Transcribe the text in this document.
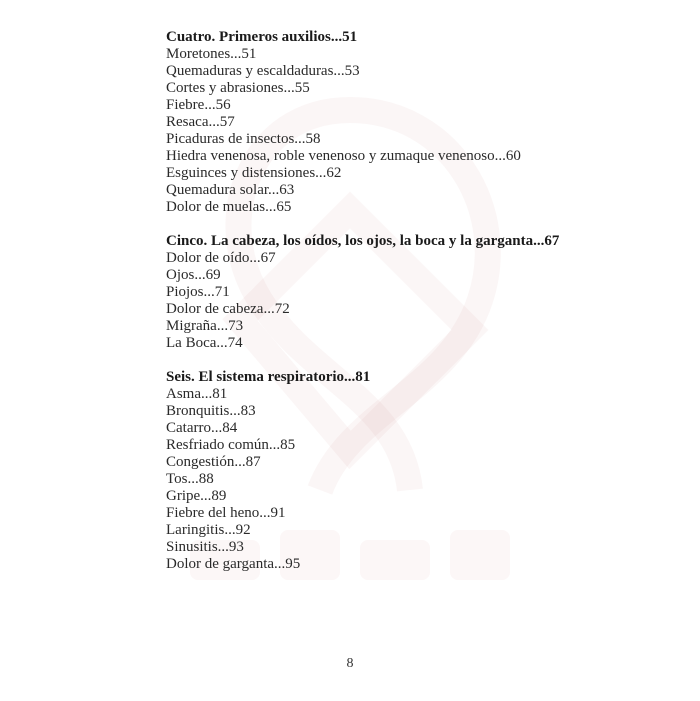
Cuatro. Primeros auxilios...51
Moretones...51
Quemaduras y escaldaduras...53
Cortes y abrasiones...55
Fiebre...56
Resaca...57
Picaduras de insectos...58
Hiedra venenosa, roble venenoso y zumaque venenoso...60
Esguinces y distensiones...62
Quemadura solar...63
Dolor de muelas...65
Cinco. La cabeza, los oídos, los ojos, la boca y la garganta...67
Dolor de oído...67
Ojos...69
Piojos...71
Dolor de cabeza...72
Migraña...73
La Boca...74
Seis. El sistema respiratorio...81
Asma...81
Bronquitis...83
Catarro...84
Resfriado común...85
Congestión...87
Tos...88
Gripe...89
Fiebre del heno...91
Laringitis...92
Sinusitis...93
Dolor de garganta...95
8
